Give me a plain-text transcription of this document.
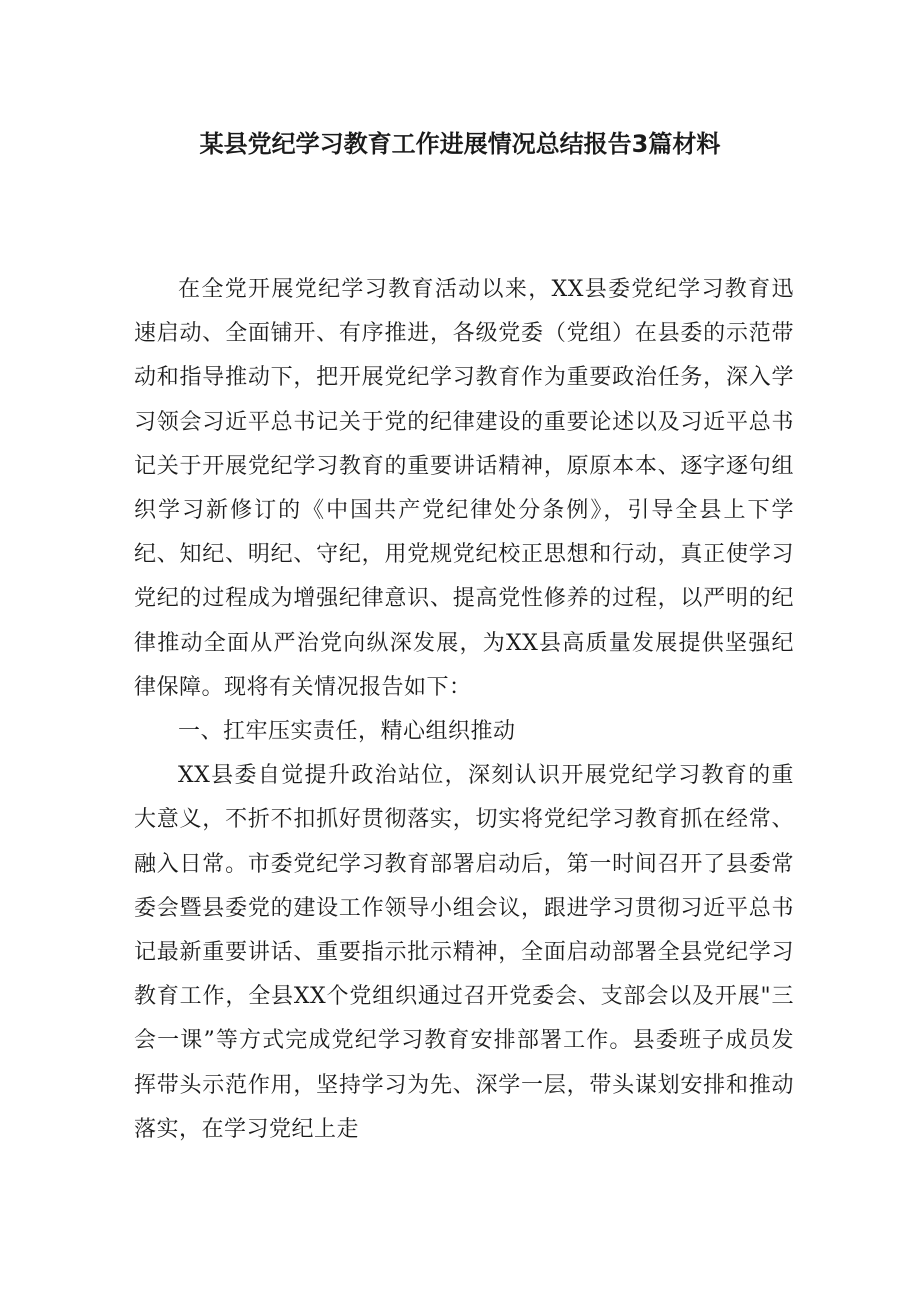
某县党纪学习教育工作进展情况总结报告3篇材料

在全党开展党纪学习教育活动以来，XX县委党纪学习教育迅速启动、全面铺开、有序推进，各级党委（党组）在县委的示范带动和指导推动下，把开展党纪学习教育作为重要政治任务，深入学习领会习近平总书记关于党的纪律建设的重要论述以及习近平总书记关于开展党纪学习教育的重要讲话精神，原原本本、逐字逐句组织学习新修订的《中国共产党纪律处分条例》，引导全县上下学纪、知纪、明纪、守纪，用党规党纪校正思想和行动，真正使学习党纪的过程成为增强纪律意识、提高党性修养的过程，以严明的纪律推动全面从严治党向纵深发展，为XX县高质量发展提供坚强纪律保障。现将有关情况报告如下：

一、扛牢压实责任，精心组织推动

XX县委自觉提升政治站位，深刻认识开展党纪学习教育的重大意义，不折不扣抓好贯彻落实，切实将党纪学习教育抓在经常、融入日常。市委党纪学习教育部署启动后，第一时间召开了县委常委会暨县委党的建设工作领导小组会议，跟进学习贯彻习近平总书记最新重要讲话、重要指示批示精神，全面启动部署全县党纪学习教育工作，全县XX个党组织通过召开党委会、支部会以及开展"三会一课”等方式完成党纪学习教育安排部署工作。县委班子成员发挥带头示范作用，坚持学习为先、深学一层，带头谋划安排和推动落实，在学习党纪上走
